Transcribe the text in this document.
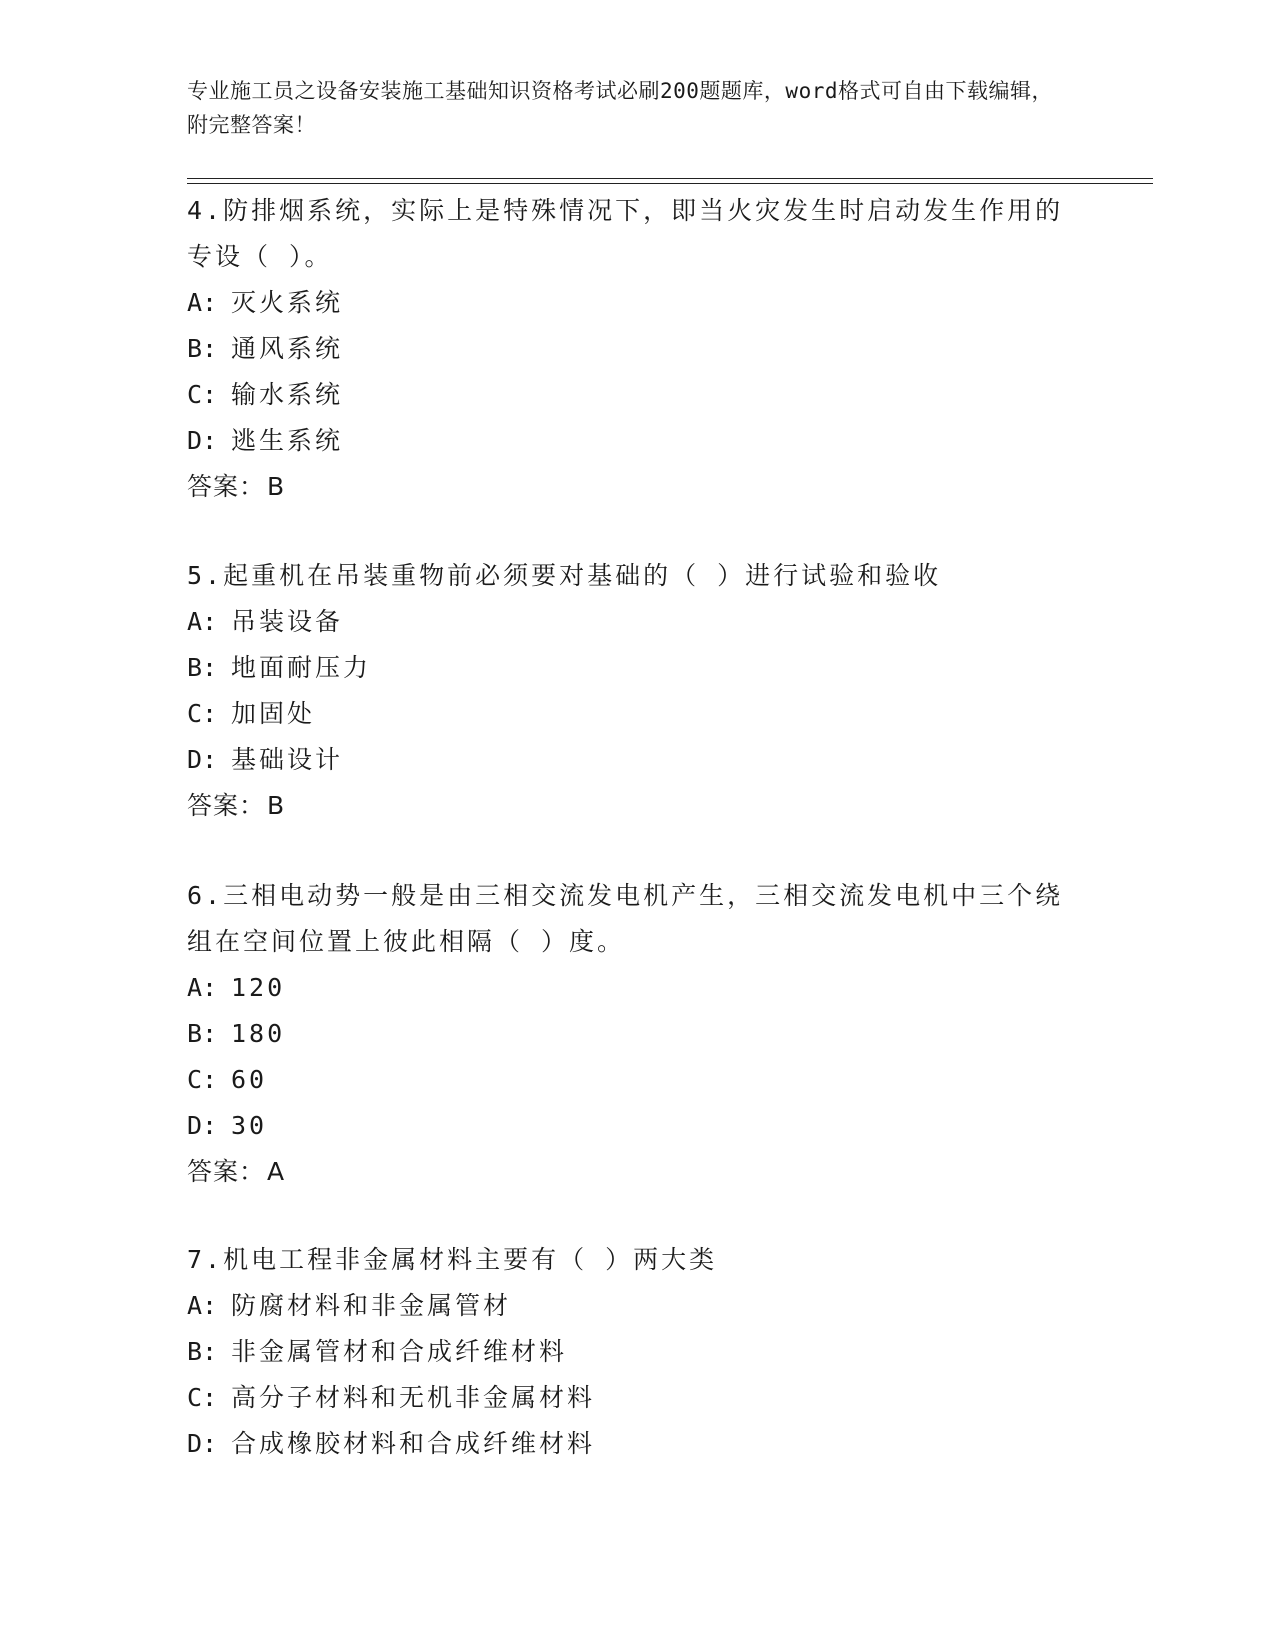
专业施工员之设备安装施工基础知识资格考试必刷200题题库，word格式可自由下载编辑，附完整答案！

4.防排烟系统，实际上是特殊情况下，即当火灾发生时启动发生作用的专设（ ）。

A: 灭火系统
B: 通风系统
C: 输水系统
D: 逃生系统
答案：B

5.起重机在吊装重物前必须要对基础的（ ）进行试验和验收

A: 吊装设备
B: 地面耐压力
C: 加固处
D: 基础设计
答案：B

6.三相电动势一般是由三相交流发电机产生，三相交流发电机中三个绕组在空间位置上彼此相隔（ ）度。

A: 120
B: 180
C: 60
D: 30
答案：A

7.机电工程非金属材料主要有（ ）两大类

A: 防腐材料和非金属管材
B: 非金属管材和合成纤维材料
C: 高分子材料和无机非金属材料
D: 合成橡胶材料和合成纤维材料
